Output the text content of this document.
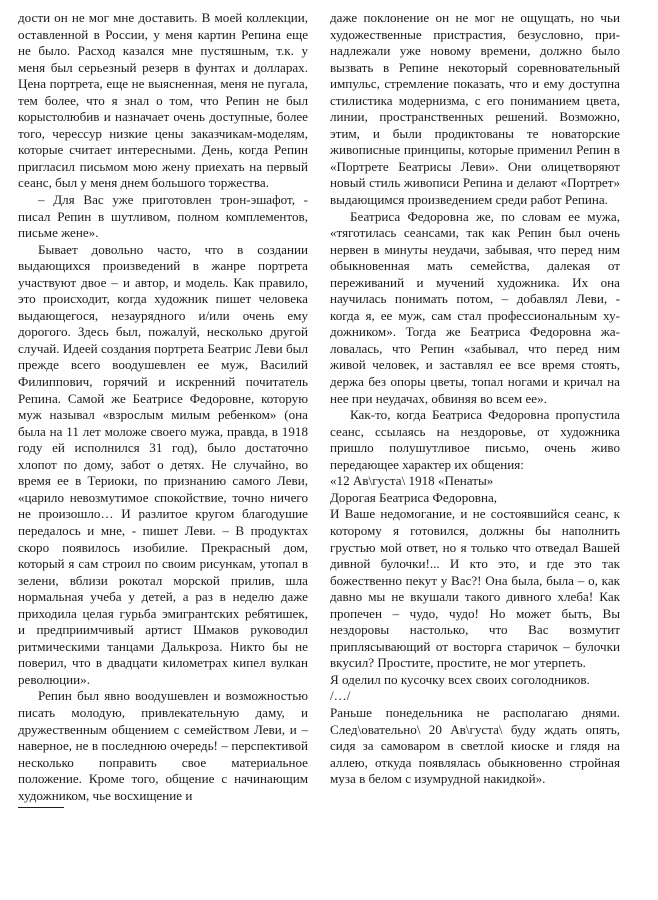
дости он не мог мне доставить. В моей коллекции, оставленной в России, у меня картин Репина еще не было. Расход казался мне пустяшным, т.к. у меня был серьезный резерв в фунтах и долларах. Цена портрета, еще не выясненная, меня не пугала, тем более, что я знал о том, что Репин не был корыстолюбив и назначает очень доступные, более того, черессур низкие цены заказчикам-моделям, которые считает интересными. День, когда Репин пригласил письмом мою жену приехать на первый сеанс, был у меня днем большого торжества.

– Для Вас уже приготовлен трон-эшафот, - писал Репин в шутливом, полном комплементов, письме жене».

Бывает довольно часто, что в создании выдающихся произведений в жанре портрета участвуют двое – и автор, и модель. Как правило, это происходит, когда художник пишет человека выдающегося, незаурядного и/или очень ему дорогого. Здесь был, пожалуй, несколько другой случай. Идеей создания портрета Беатрис Леви был прежде всего воодушевлен ее муж, Василий Филиппович, горячий и искренний почитатель Репина. Самой же Беатрисе Федоровне, которую муж называл «взрослым милым ребенком» (она была на 11 лет моложе своего мужа, правда, в 1918 году ей исполнился 31 год), было достаточно хлопот по дому, забот о детях. Не случайно, во время ее в Териоки, по признанию самого Леви, «царило невозмутимое спокойствие, точно ничего не произошло… И разлитое кругом благодушие передалось и мне, - пишет Леви. – В продуктах скоро появилось изобилие. Прекрасный дом, который я сам строил по своим рисункам, утопал в зелени, вблизи рокотал морской прилив, шла нормальная учеба у детей, а раз в неделю даже приходила целая гурьба эмигрантских ребятишек, и предприимчивый артист Шмаков руководил ритмическими танцами Далькроза. Никто бы не поверил, что в двадцати километрах кипел вулкан революции».

Репин был явно воодушевлен и возможностью писать молодую, привлекательную даму, и дружественным общением с семейством Леви, и – наверное, не в последнюю очередь! – перспективой несколько поправить свое материальное положение. Кроме того, общение с начинающим художником, чье восхищение и

даже поклонение он не мог не ощущать, но чьи художественные пристрастия, безусловно, принадлежали уже новому времени, должно было вызвать в Репине некоторый соревновательный импульс, стремление показать, что и ему доступна стилистика модернизма, с его пониманием цвета, линии, пространственных решений. Возможно, этим, и были продиктованы те новаторские живописные принципы, которые применил Репин в «Портрете Беатрисы Леви». Они олицетворяют новый стиль живописи Репина и делают «Портрет» выдающимся произведением среди работ Репина.

Беатриса Федоровна же, по словам ее мужа, «тяготилась сеансами, так как Репин был очень нервен в минуты неудачи, забывая, что перед ним обыкновенная мать семейства, далекая от переживаний и мучений художника. Их она научилась понимать потом, – добавлял Леви, - когда я, ее муж, сам стал профессиональным художником». Тогда же Беатриса Федоровна жаловалась, что Репин «забывал, что перед ним живой человек, и заставлял ее все время стоять, держа без опоры цветы, топал ногами и кричал на нее при неудачах, обвиняя во всем ее».

Как-то, когда Беатриса Федоровна пропустила сеанс, ссылаясь на нездоровье, от художника пришло полушутливое письмо, очень живо передающее характер их общения:

«12 Ав\густа\ 1918 «Пенаты»

Дорогая Беатриса Федоровна,

И Ваше недомогание, и не состоявшийся сеанс, к которому я готовился, должны бы наполнить грустью мой ответ, но я только что отведал Вашей дивной булочки!... И кто это, и где это так божественно пекут у Вас?! Она была, была – о, как давно мы не вкушали такого дивного хлеба! Как пропечен – чудо, чудо! Но может быть, Вы нездоровы настолько, что Вас возмутит приплясывающий от восторга старичок – булочки вкусил? Простите, простите, не мог утерпеть.

Я оделил по кусочку всех своих соголодников.

/…/

Раньше понедельника не располагаю днями. След\овательно\ 20 Ав\густа\ буду ждать опять, сидя за самоваром в светлой киоске и глядя на аллею, откуда появлялась обыкновенно стройная муза в белом с изумрудной накидкой».
